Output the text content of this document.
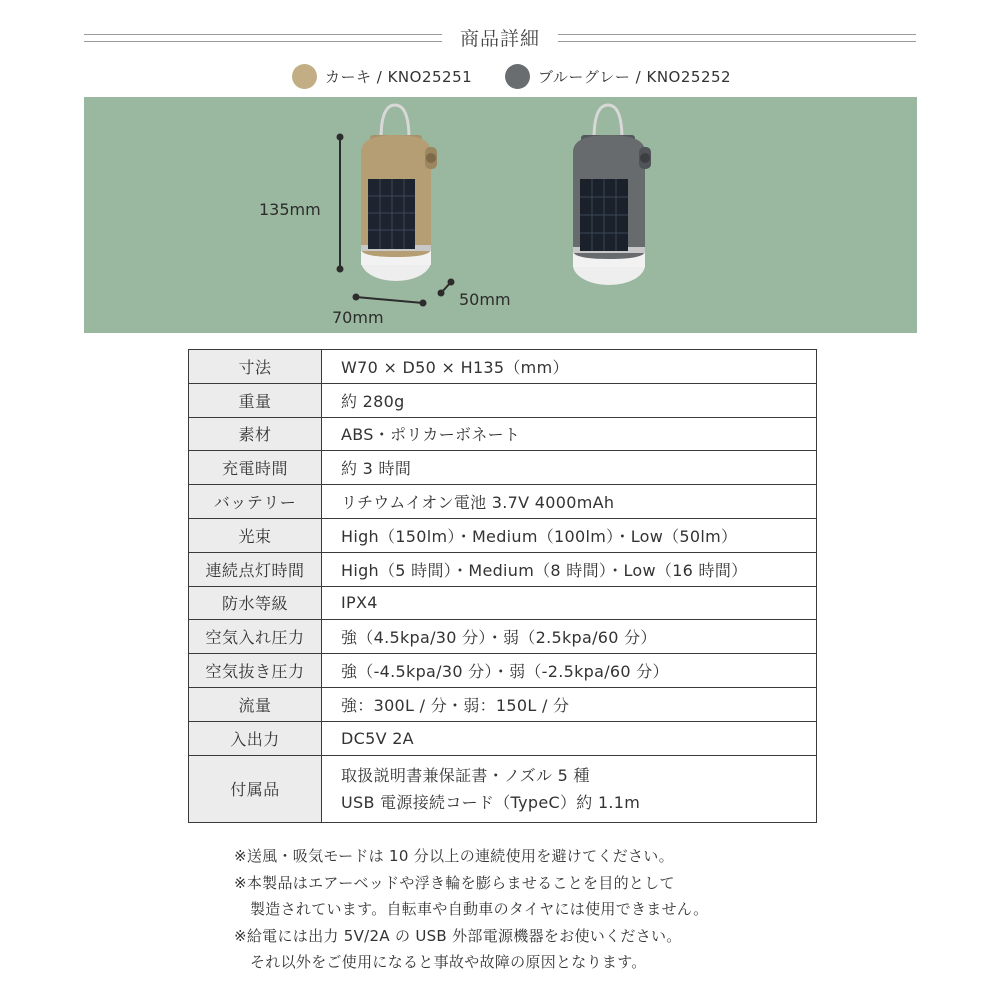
商品詳細
カーキ / KNO25251	ブルーグレー / KNO25252
135mm
50mm
70mm
寸法	W70 × D50 × H135（mm）
重量	約 280g
素材	ABS・ポリカーボネート
充電時間	約 3 時間
バッテリー	リチウムイオン電池 3.7V 4000mAh
光束	High（150lm）・Medium（100lm）・Low（50lm）
連続点灯時間	High（5 時間）・Medium（8 時間）・Low（16 時間）
防水等級	IPX4
空気入れ圧力	強（4.5kpa/30 分）・弱（2.5kpa/60 分）
空気抜き圧力	強（-4.5kpa/30 分）・弱（-2.5kpa/60 分）
流量	強：300L / 分・弱：150L / 分
入出力	DC5V 2A
付属品	取扱説明書兼保証書・ノズル 5 種
USB 電源接続コード（TypeC）約 1.1m
※送風・吸気モードは 10 分以上の連続使用を避けてください。
※本製品はエアーベッドや浮き輪を膨らませることを目的として
製造されています。自転車や自動車のタイヤには使用できません。
※給電には出力 5V/2A の USB 外部電源機器をお使いください。
それ以外をご使用になると事故や故障の原因となります。
